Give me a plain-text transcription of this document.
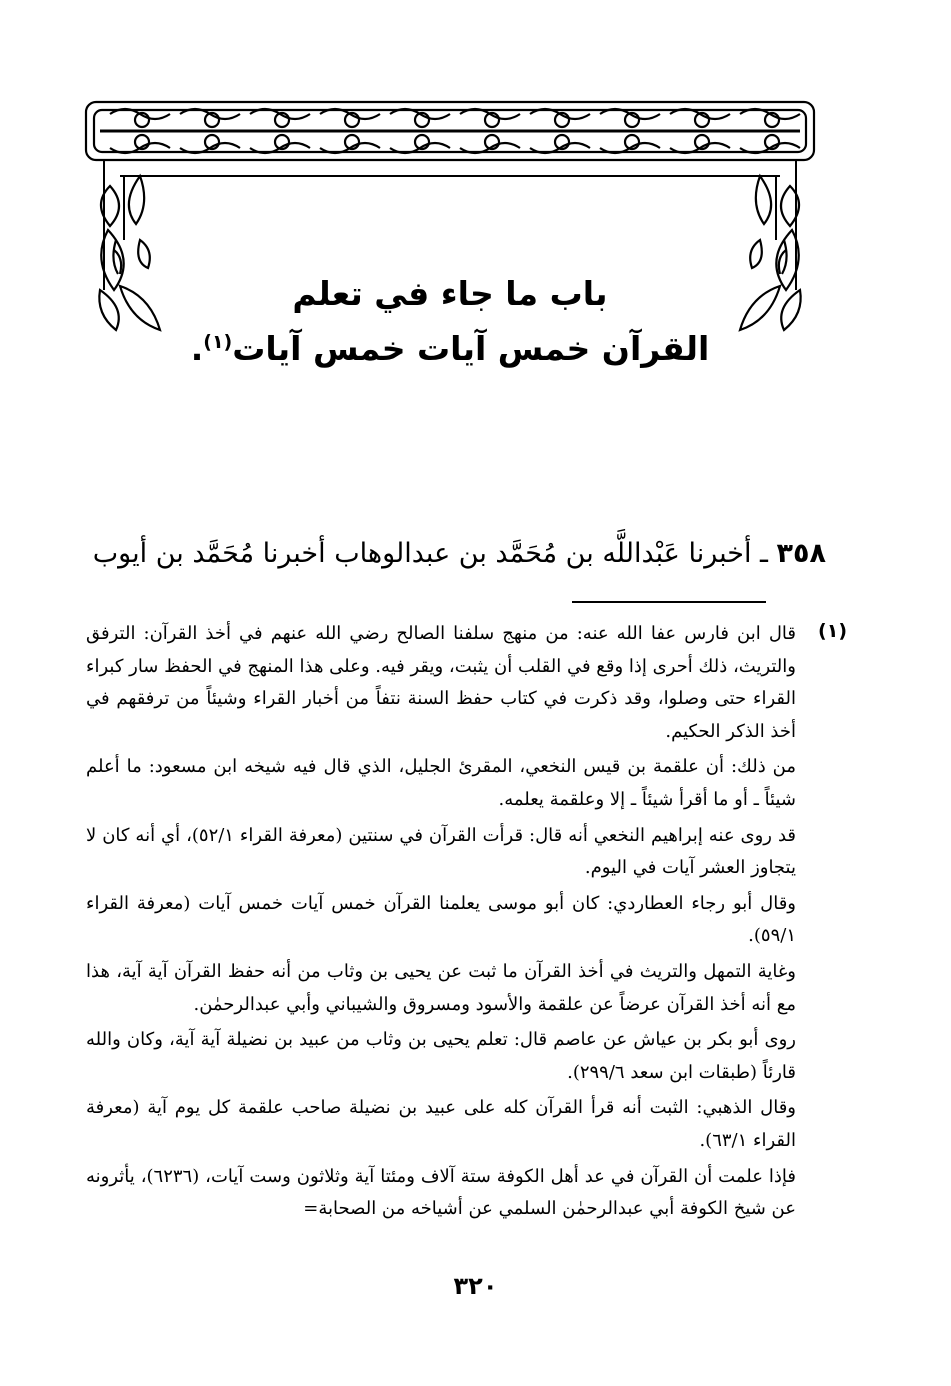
باب ما جاء في تعلم
القرآن خمس آيات خمس آيات$^{(١)}$.
٣٥٨ ـ أخبرنا عَبْداللَّه بن مُحَمَّد بن عبدالوهاب أخبرنا مُحَمَّد بن أيوب
(١)

قال ابن فارس عفا الله عنه: من منهج سلفنا الصالح رضي الله عنهم في أخذ القرآن: الترفق والتريث، ذلك أحرى إذا وقع في القلب أن يثبت، ويقر فيه. وعلى هذا المنهج في الحفظ سار كبراء القراء حتى وصلوا، وقد ذكرت في كتاب حفظ السنة نتفاً من أخبار القراء وشيئاً من ترفقهم في أخذ الذكر الحكيم.

من ذلك: أن علقمة بن قيس النخعي، المقرئ الجليل، الذي قال فيه شيخه ابن مسعود: ما أعلم شيئاً ـ أو ما أقرأ شيئاً ـ إلا وعلقمة يعلمه.

قد روى عنه إبراهيم النخعي أنه قال: قرأت القرآن في سنتين (معرفة القراء ٥٢/١)، أي أنه كان لا يتجاوز العشر آيات في اليوم.

وقال أبو رجاء العطاردي: كان أبو موسى يعلمنا القرآن خمس آيات خمس آيات (معرفة القراء ٥٩/١).

وغاية التمهل والتريث في أخذ القرآن ما ثبت عن يحيى بن وثاب من أنه حفظ القرآن آية آية، هذا مع أنه أخذ القرآن عرضاً عن علقمة والأسود ومسروق والشيباني وأبي عبدالرحمٰن.

روى أبو بكر بن عياش عن عاصم قال: تعلم يحيى بن وثاب من عبيد بن نضيلة آية آية، وكان والله قارئاً (طبقات ابن سعد ٢٩٩/٦).

وقال الذهبي: الثبت أنه قرأ القرآن كله على عبيد بن نضيلة صاحب علقمة كل يوم آية (معرفة القراء ٦٣/١).

فإذا علمت أن القرآن في عد أهل الكوفة ستة آلاف ومئتا آية وثلاثون وست آيات، (٦٢٣٦)، يأثرونه عن شيخ الكوفة أبي عبدالرحمٰن السلمي عن أشياخه من الصحابة=

٣٢٠
